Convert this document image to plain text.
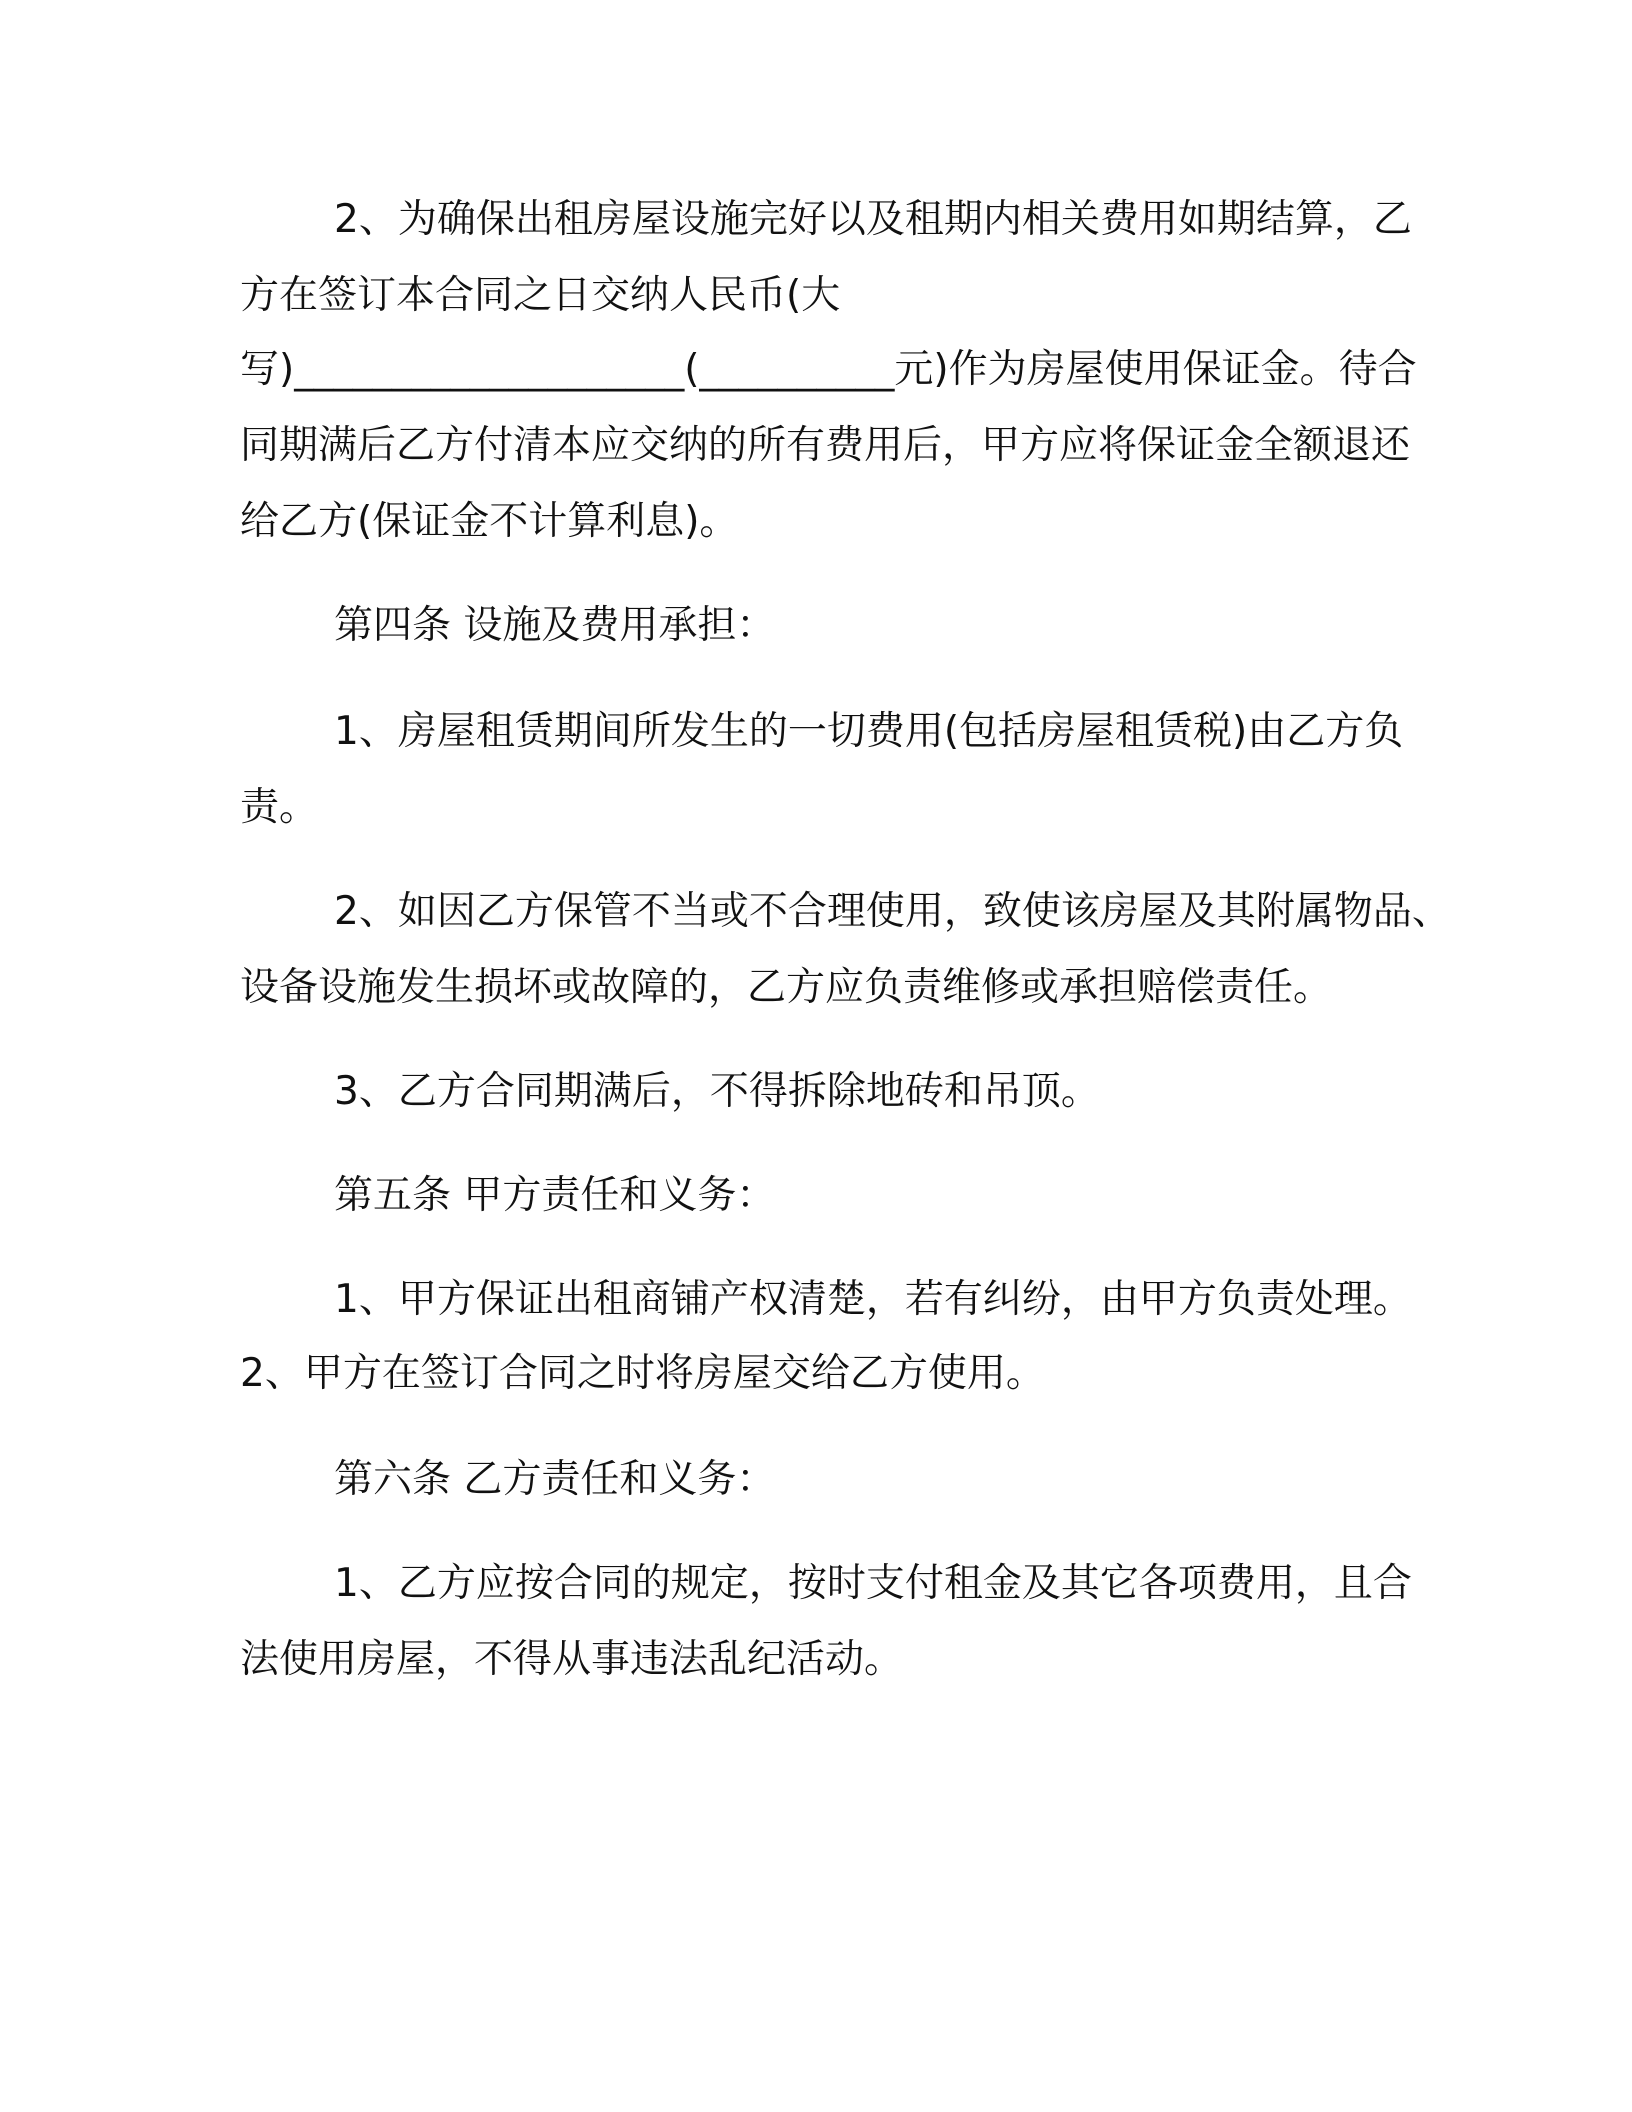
2、为确保出租房屋设施完好以及租期内相关费用如期结算，乙
方在签订本合同之日交纳人民币(大
写)____________________(__________元)作为房屋使用保证金。待合
同期满后乙方付清本应交纳的所有费用后，甲方应将保证金全额退还
给乙方(保证金不计算利息)。
第四条 设施及费用承担：
1、房屋租赁期间所发生的一切费用(包括房屋租赁税)由乙方负
责。
2、如因乙方保管不当或不合理使用，致使该房屋及其附属物品、
设备设施发生损坏或故障的，乙方应负责维修或承担赔偿责任。
3、乙方合同期满后，不得拆除地砖和吊顶。
第五条 甲方责任和义务：
1、甲方保证出租商铺产权清楚，若有纠纷，由甲方负责处理。
2、甲方在签订合同之时将房屋交给乙方使用。
第六条 乙方责任和义务：
1、乙方应按合同的规定，按时支付租金及其它各项费用，且合
法使用房屋，不得从事违法乱纪活动。
